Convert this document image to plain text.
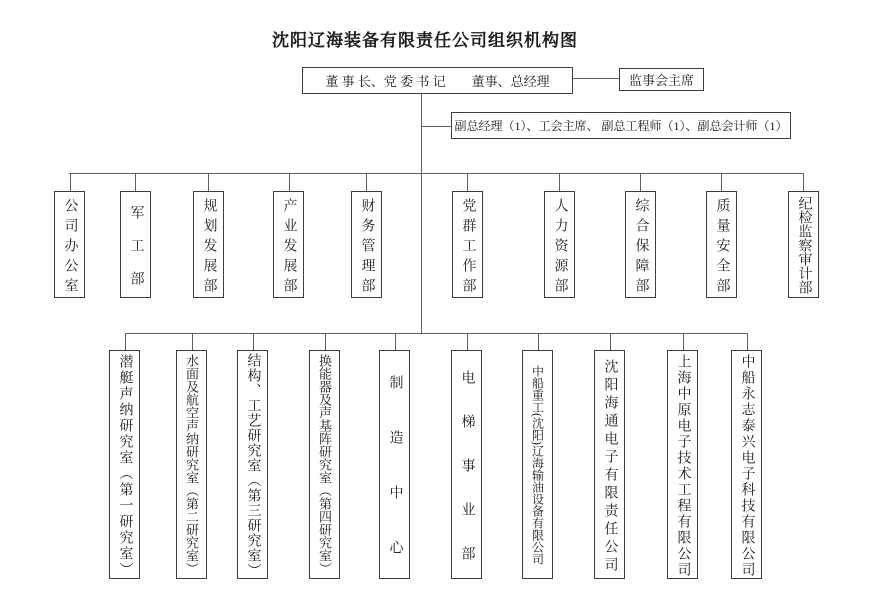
沈阳辽海装备有限责任公司组织机构图
董 事 长、党 委 书 记　　董事、总经理	监事会主席
副总经理（1）、工会主席、 副总工程师（1）、副总会计师（1）
公司办公室	军工部	规划发展部	产业发展部	财务管理部	党群工作部	人力资源部	综合保障部	质量安全部	纪检监察审计部
潜艇声纳研究室（第一研究室）	水面及航空声纳研究室（第二研究室）	结构、工艺研究室（第三研究室）	换能器及声基阵研究室（第四研究室）	制造中心	电梯事业部	中船重工(沈阳)辽海输油设备有限公司	沈阳海通电子有限责任公司	上海中原电子技术工程有限公司	中船永志泰兴电子科技有限公司
